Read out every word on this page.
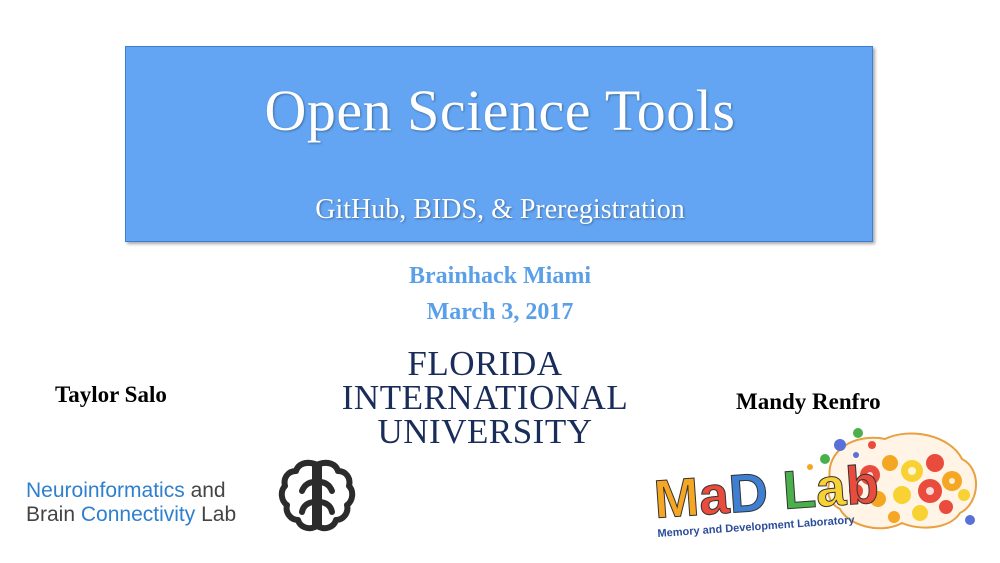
Open Science Tools
GitHub, BIDS, & Preregistration
Brainhack Miami
March 3, 2017
FLORIDA
INTERNATIONAL
UNIVERSITY
Taylor Salo	Mandy Renfro
Neuroinformatics and
Brain Connectivity Lab	MaD Lab
Memory and Development Laboratory
